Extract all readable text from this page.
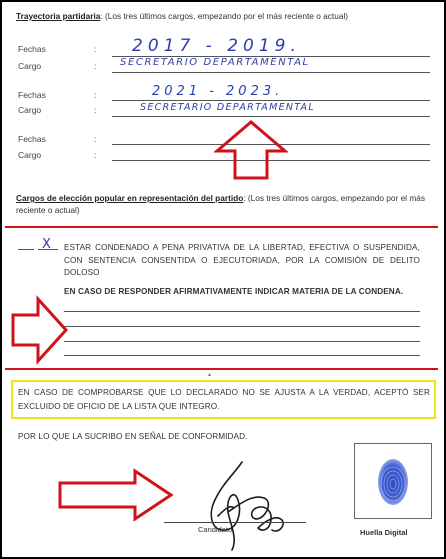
Trayectoria partidaria: (Los tres últimos cargos, empezando por el más reciente o actual)
Fechas	: 2017 - 2019.
Cargo	: SECRETARIO DEPARTAMENTAL
Fechas	:	2021 - 2023.
Cargo	:	SECRETARIO DEPARTAMENTAL
Fechas	:
Cargo	:
Cargos de elección popular en representación del partido: (Los tres últimos cargos, empezando por el más reciente o actual)
X ESTAR CONDENADO A PENA PRIVATIVA DE LA LIBERTAD, EFECTIVA O SUSPENDIDA, CON SENTENCIA CONSENTIDA O EJECUTORIADA, POR LA COMISIÓN DE DELITO DOLOSO
EN CASO DE RESPONDER AFIRMATIVAMENTE INDICAR MATERIA DE LA CONDENA.
▴
EN CASO DE COMPROBARSE QUE LO DECLARADO NO SE AJUSTA A LA VERDAD, ACEPTÓ SER EXCLUIDO DE OFICIO DE LA LISTA QUE INTEGRO.
POR LO QUE LA SUCRIBO EN SEÑAL DE CONFORMIDAD.
Candidato	Huella Digital
